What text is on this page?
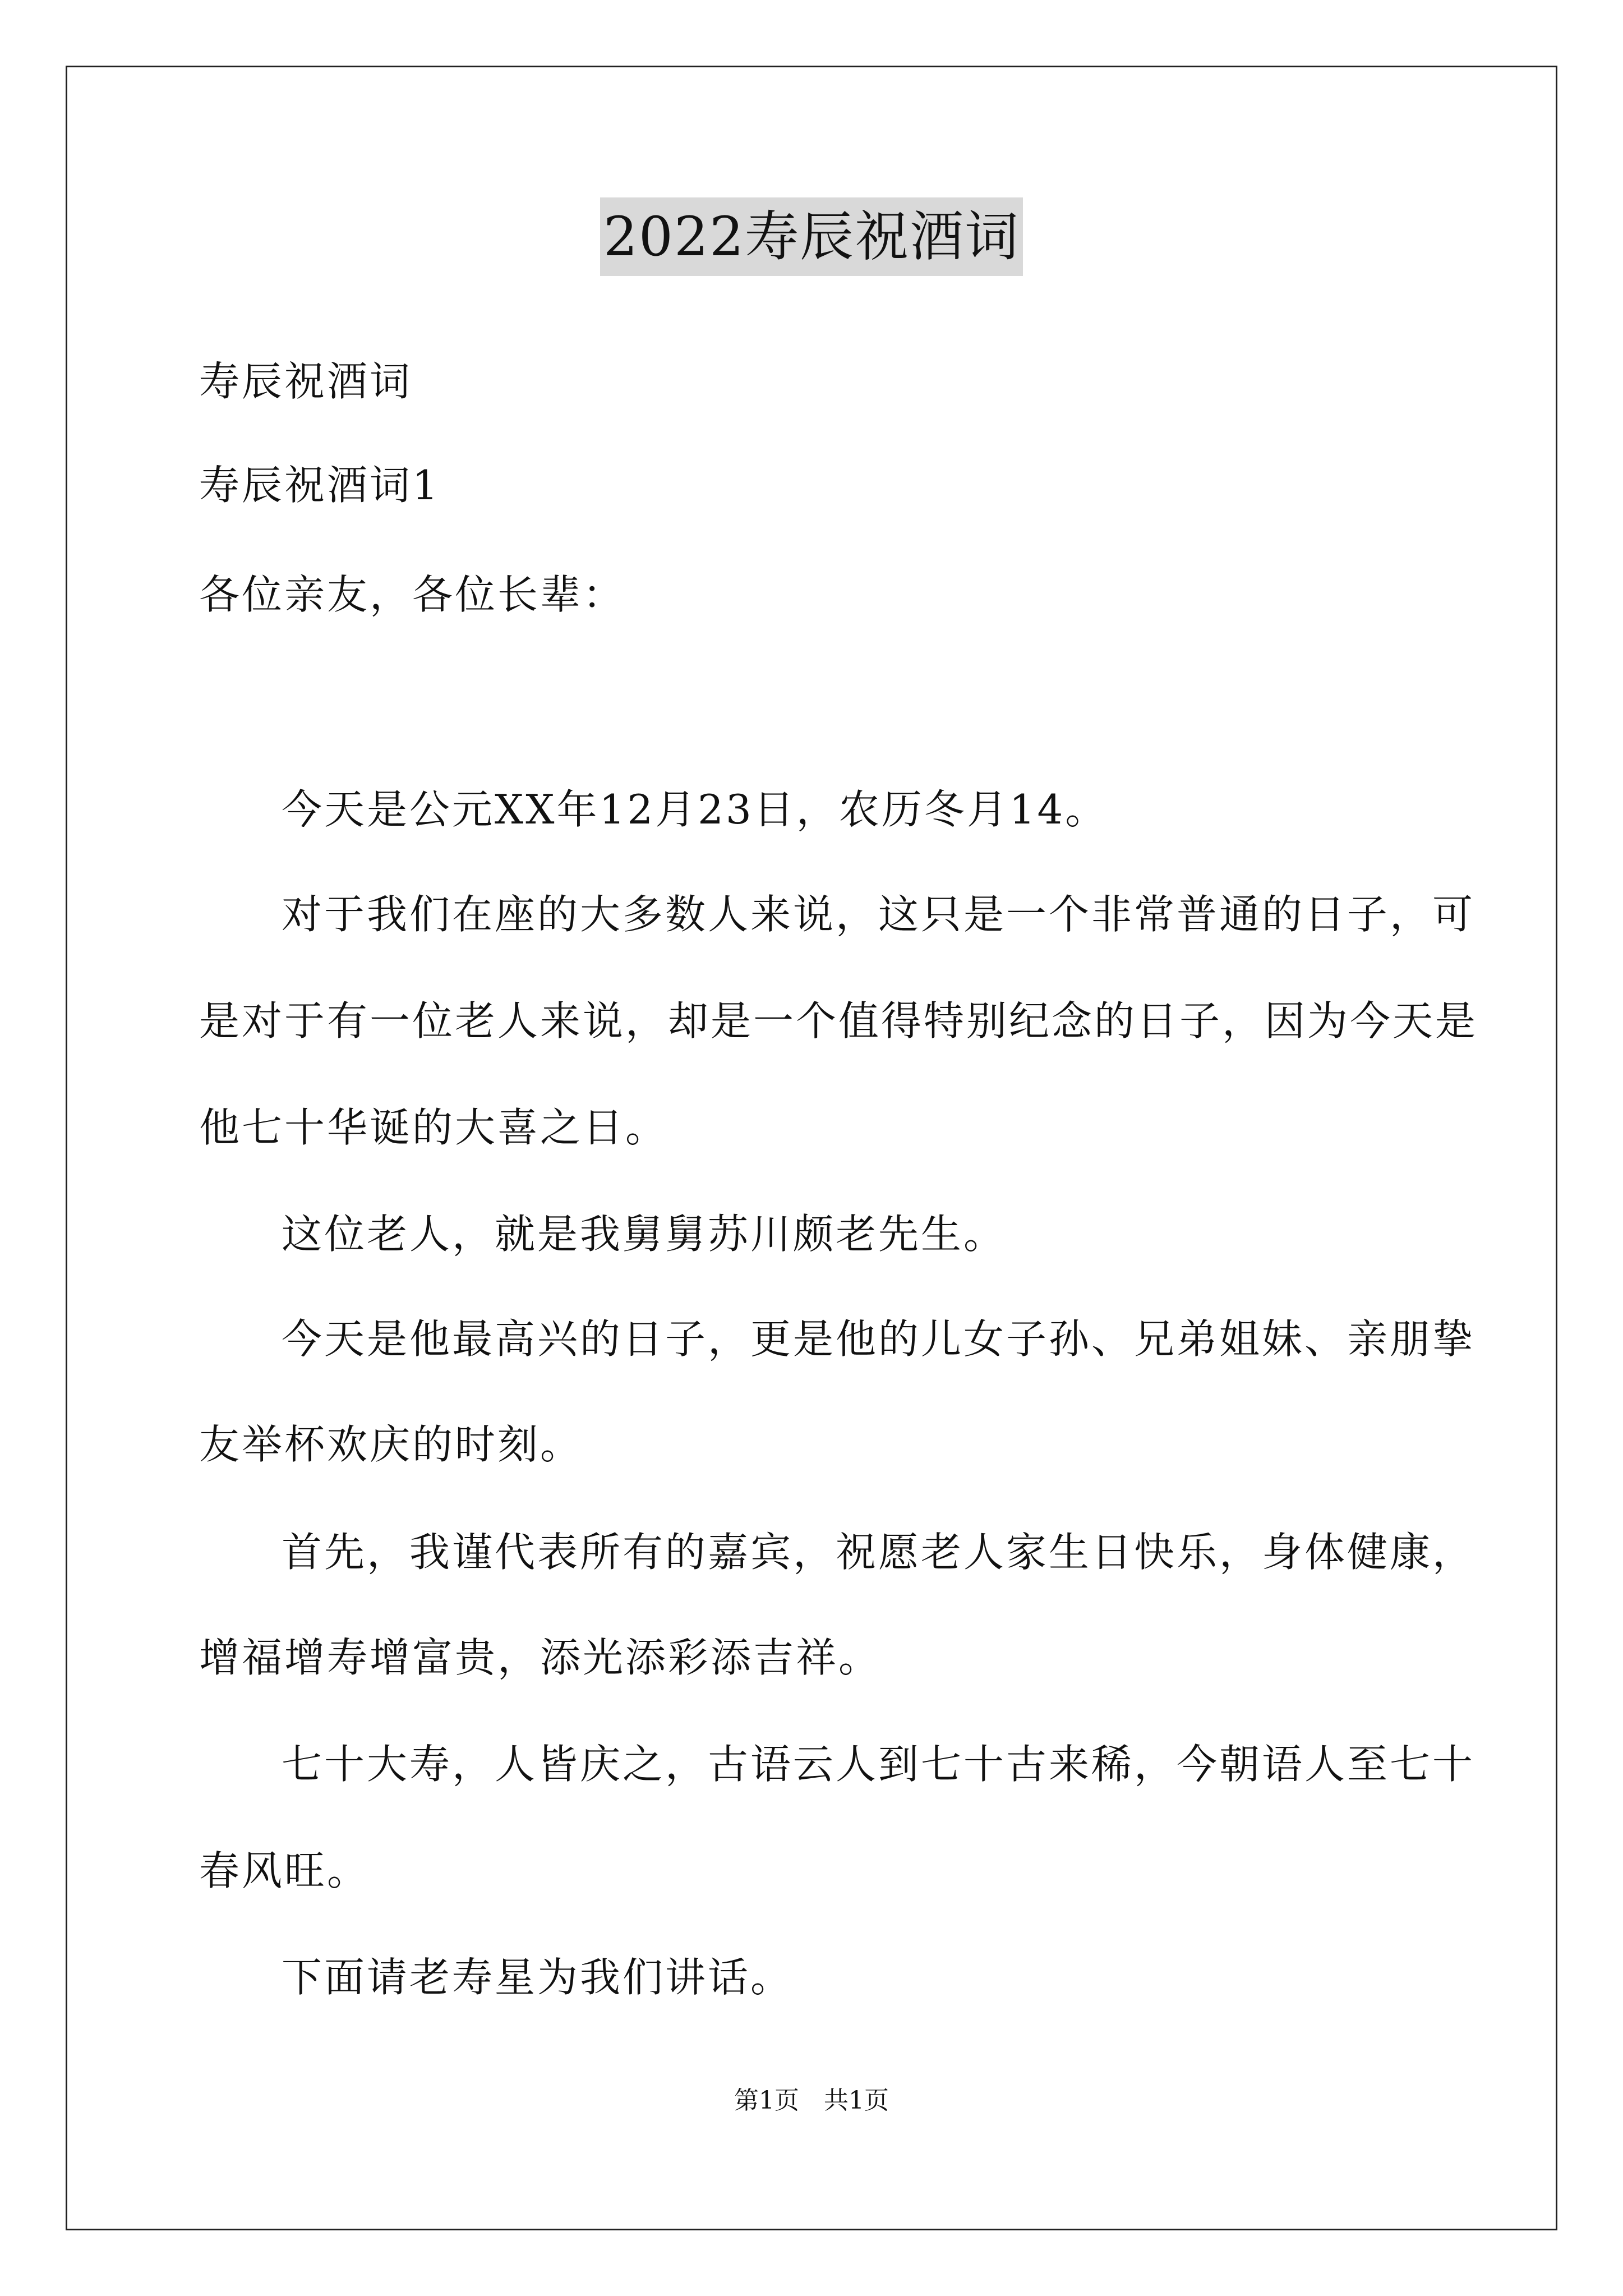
2022寿辰祝酒词
寿辰祝酒词
寿辰祝酒词1
各位亲友，各位长辈：
今天是公元XX年12月23日，农历冬月14。
对于我们在座的大多数人来说，这只是一个非常普通的日子，可
是对于有一位老人来说，却是一个值得特别纪念的日子，因为今天是
他七十华诞的大喜之日。
这位老人，就是我舅舅苏川颇老先生。
今天是他最高兴的日子，更是他的儿女子孙、兄弟姐妹、亲朋挚
友举杯欢庆的时刻。
首先，我谨代表所有的嘉宾，祝愿老人家生日快乐，身体健康，
增福增寿增富贵，添光添彩添吉祥。
七十大寿，人皆庆之，古语云人到七十古来稀，今朝语人至七十
春风旺。
下面请老寿星为我们讲话。
第1页　共1页
